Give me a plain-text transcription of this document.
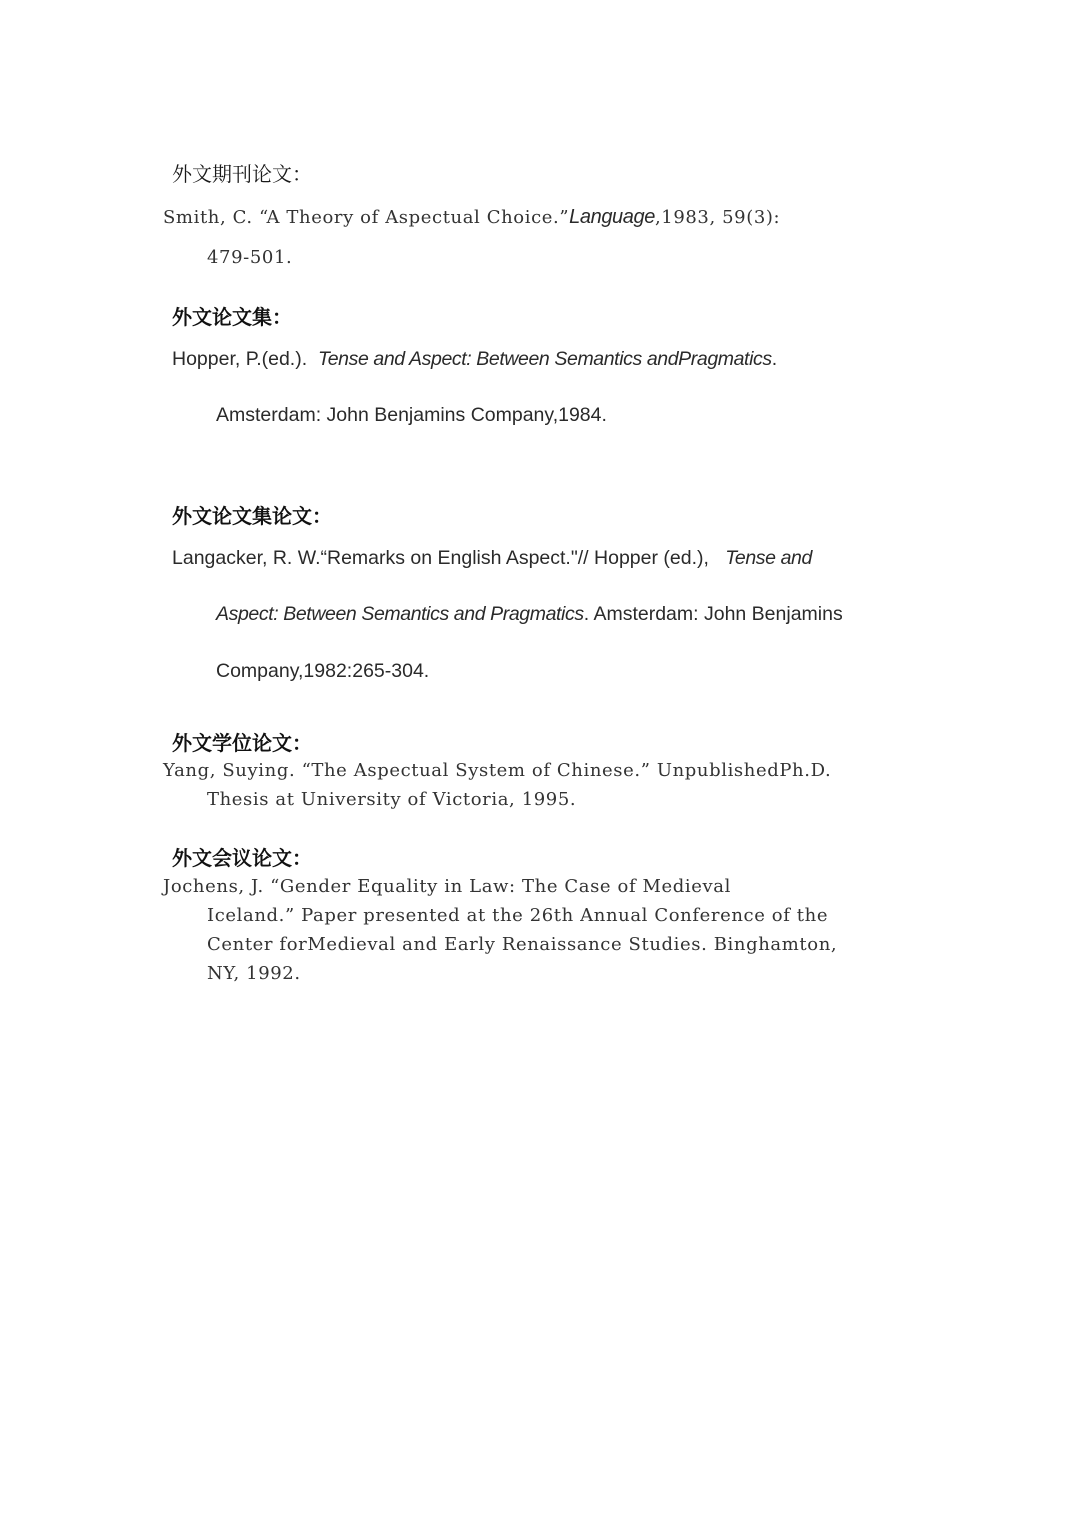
外文期刊论文：
Smith, C. “A Theory of Aspectual Choice.”Language,1983, 59(3):
479-501.
外文论文集：
Hopper, P.(ed.). Tense and Aspect: Between Semantics andPragmatics.
Amsterdam: John Benjamins Company,1984.
外文论文集论文：
Langacker, R. W.“Remarks on English Aspect."// Hopper (ed.), Tense and
Aspect: Between Semantics and Pragmatics. Amsterdam: John Benjamins
Company,1982:265-304.
外文学位论文：
Yang, Suying. “The Aspectual System of Chinese.” UnpublishedPh.D.
Thesis at University of Victoria, 1995.
外文会议论文：
Jochens, J. “Gender Equality in Law: The Case of Medieval
Iceland.” Paper presented at the 26th Annual Conference of the
Center forMedieval and Early Renaissance Studies. Binghamton,
NY, 1992.
